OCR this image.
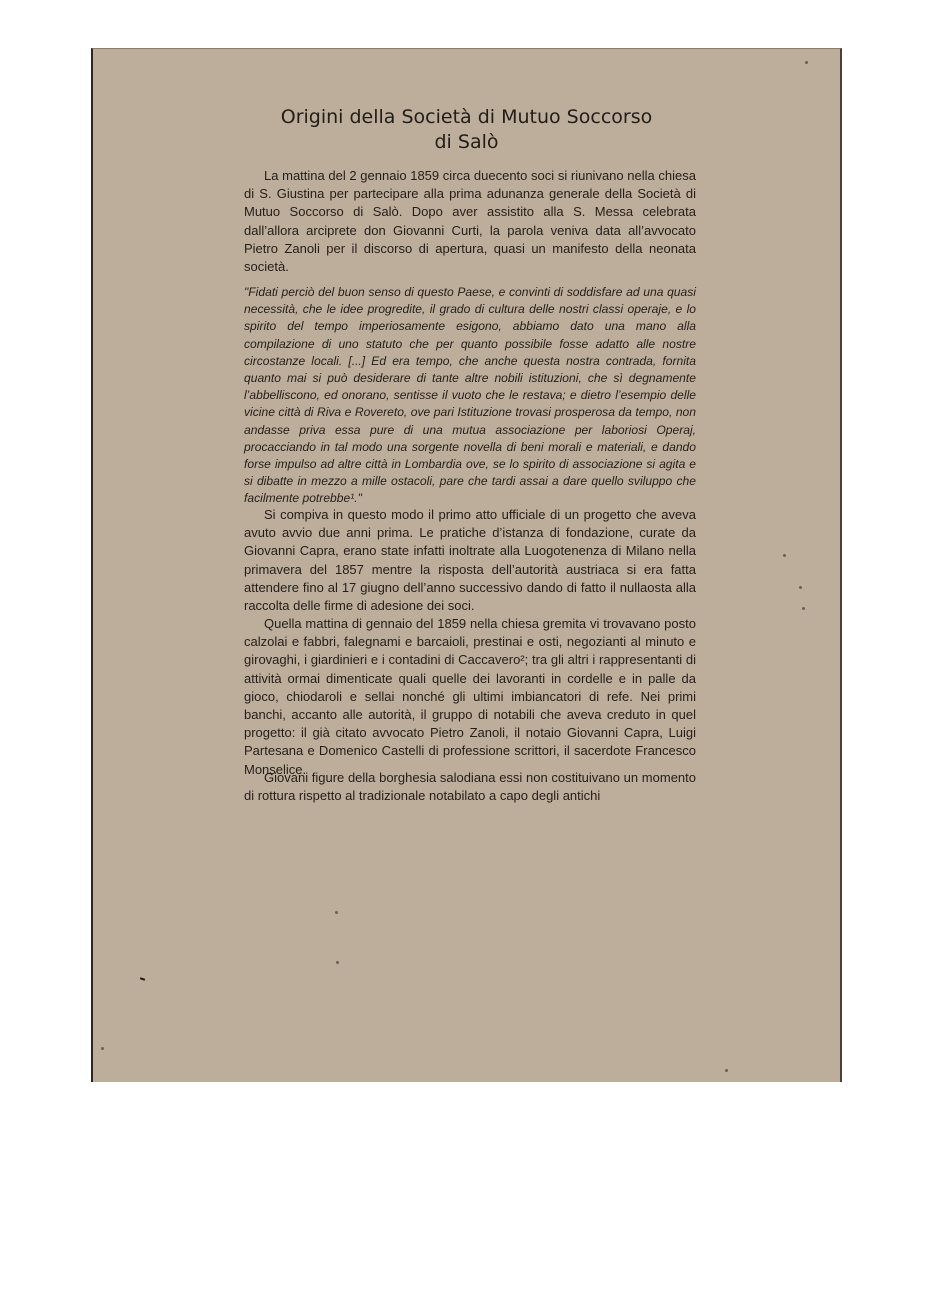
Origini della Società di Mutuo Soccorso
di Salò

La mattina del 2 gennaio 1859 circa duecento soci si riunivano nella chiesa di S. Giustina per partecipare alla prima adunanza generale della Società di Mutuo Soccorso di Salò. Dopo aver assistito alla S. Messa celebrata dall’allora arciprete don Giovanni Curti, la parola veniva data all’avvocato Pietro Zanoli per il discorso di apertura, quasi un manifesto della neonata società.

"Fidati perciò del buon senso di questo Paese, e convinti di soddisfare ad una quasi necessità, che le idee progredite, il grado di cultura delle nostri classi operaje, e lo spirito del tempo imperiosamente esigono, abbiamo dato una mano alla compilazione di uno statuto che per quanto possibile fosse adatto alle nostre circostanze locali. [...] Ed era tempo, che anche questa nostra contrada, fornita quanto mai si può desiderare di tante altre nobili istituzioni, che sì degnamente l’abbelliscono, ed onorano, sentisse il vuoto che le restava; e dietro l’esempio delle vicine città di Riva e Rovereto, ove pari Istituzione trovasi prosperosa da tempo, non andasse priva essa pure di una mutua associazione per laboriosi Operaj, procacciando in tal modo una sorgente novella di beni morali e materiali, e dando forse impulso ad altre città in Lombardia ove, se lo spirito di associazione si agita e si dibatte in mezzo a mille ostacoli, pare che tardi assai a dare quello sviluppo che facilmente potrebbe¹."

Si compiva in questo modo il primo atto ufficiale di un progetto che aveva avuto avvio due anni prima. Le pratiche d’istanza di fondazione, curate da Giovanni Capra, erano state infatti inoltrate alla Luogotenenza di Milano nella primavera del 1857 mentre la risposta dell’autorità austriaca si era fatta attendere fino al 17 giugno dell’anno successivo dando di fatto il nullaosta alla raccolta delle firme di adesione dei soci.

Quella mattina di gennaio del 1859 nella chiesa gremita vi trovavano posto calzolai e fabbri, falegnami e barcaioli, prestinai e osti, negozianti al minuto e girovaghi, i giardinieri e i contadini di Caccavero²; tra gli altri i rappresentanti di attività ormai dimenticate quali quelle dei lavoranti in cordelle e in palle da gioco, chiodaroli e sellai nonché gli ultimi imbiancatori di refe. Nei primi banchi, accanto alle autorità, il gruppo di notabili che aveva creduto in quel progetto: il già citato avvocato Pietro Zanoli, il notaio Giovanni Capra, Luigi Partesana e Domenico Castelli di professione scrittori, il sacerdote Francesco Monselice.

Giovani figure della borghesia salodiana essi non costituivano un momento di rottura rispetto al tradizionale notabilato a capo degli antichi
